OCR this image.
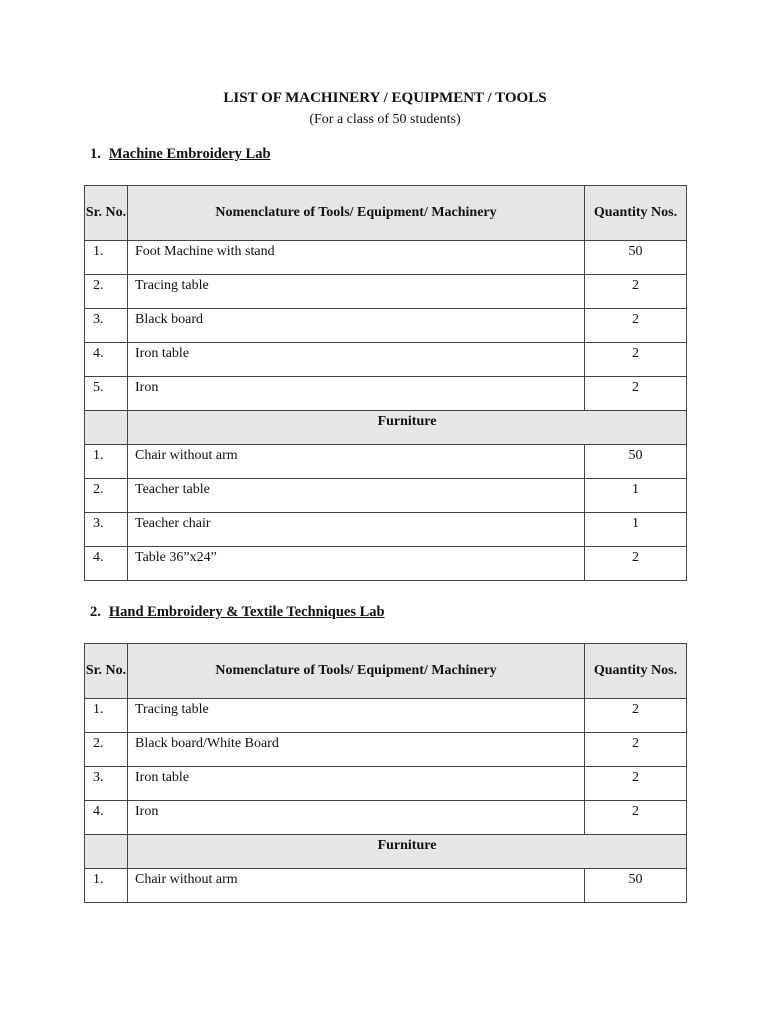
LIST OF MACHINERY / EQUIPMENT / TOOLS
(For a class of 50 students)
1. Machine Embroidery Lab
Sr. No.	Nomenclature of Tools/ Equipment/ Machinery	Quantity Nos.
1.	Foot Machine with stand	50
2.	Tracing table	2
3.	Black board	2
4.	Iron table	2
5.	Iron	2
	Furniture	
1.	Chair without arm	50
2.	Teacher table	1
3.	Teacher chair	1
4.	Table 36”x24”	2
2. Hand Embroidery & Textile Techniques Lab
Sr. No.	Nomenclature of Tools/ Equipment/ Machinery	Quantity Nos.
1.	Tracing table	2
2.	Black board/White Board	2
3.	Iron table	2
4.	Iron	2
	Furniture	
1.	Chair without arm	50
